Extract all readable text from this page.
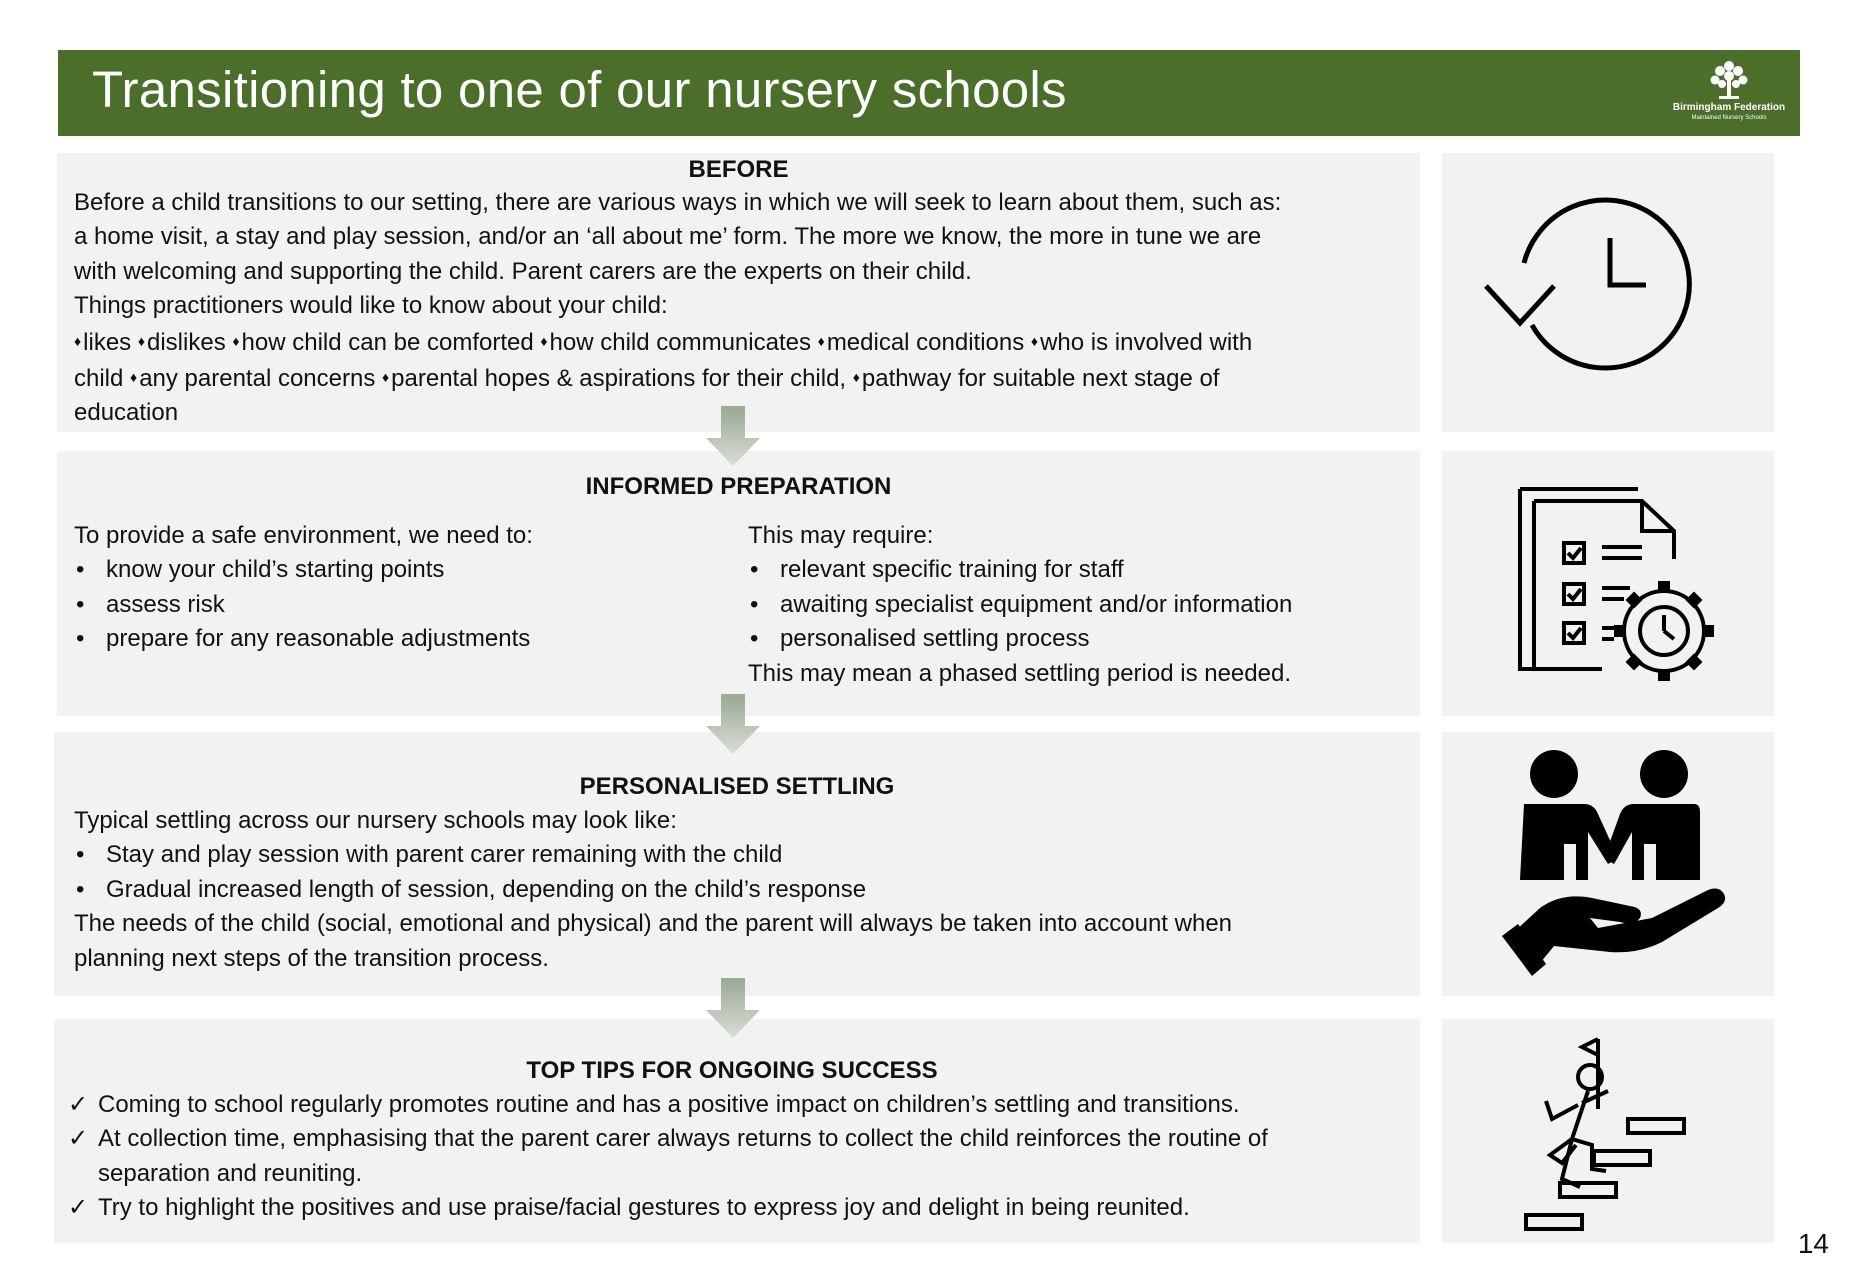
Transitioning to one of our nursery schools	Birmingham Federation
Maintained Nursery Schools
BEFORE
Before a child transitions to our setting, there are various ways in which we will seek to learn about them, such as:
a home visit, a stay and play session, and/or an ‘all about me’ form. The more we know, the more in tune we are
with welcoming and supporting the child. Parent carers are the experts on their child.
Things practitioners would like to know about your child:
♦likes ♦dislikes ♦how child can be comforted ♦how child communicates ♦medical conditions ♦who is involved with
child ♦any parental concerns ♦parental hopes & aspirations for their child, ♦pathway for suitable next stage of
education
INFORMED PREPARATION
To provide a safe environment, we need to:
• know your child’s starting points
• assess risk
• prepare for any reasonable adjustments
This may require:
• relevant specific training for staff
• awaiting specialist equipment and/or information
• personalised settling process
This may mean a phased settling period is needed.
PERSONALISED SETTLING
Typical settling across our nursery schools may look like:
• Stay and play session with parent carer remaining with the child
• Gradual increased length of session, depending on the child’s response
The needs of the child (social, emotional and physical) and the parent will always be taken into account when
planning next steps of the transition process.
TOP TIPS FOR ONGOING SUCCESS
✓ Coming to school regularly promotes routine and has a positive impact on children’s settling and transitions.
✓ At collection time, emphasising that the parent carer always returns to collect the child reinforces the routine of
separation and reuniting.
✓ Try to highlight the positives and use praise/facial gestures to express joy and delight in being reunited.
14
